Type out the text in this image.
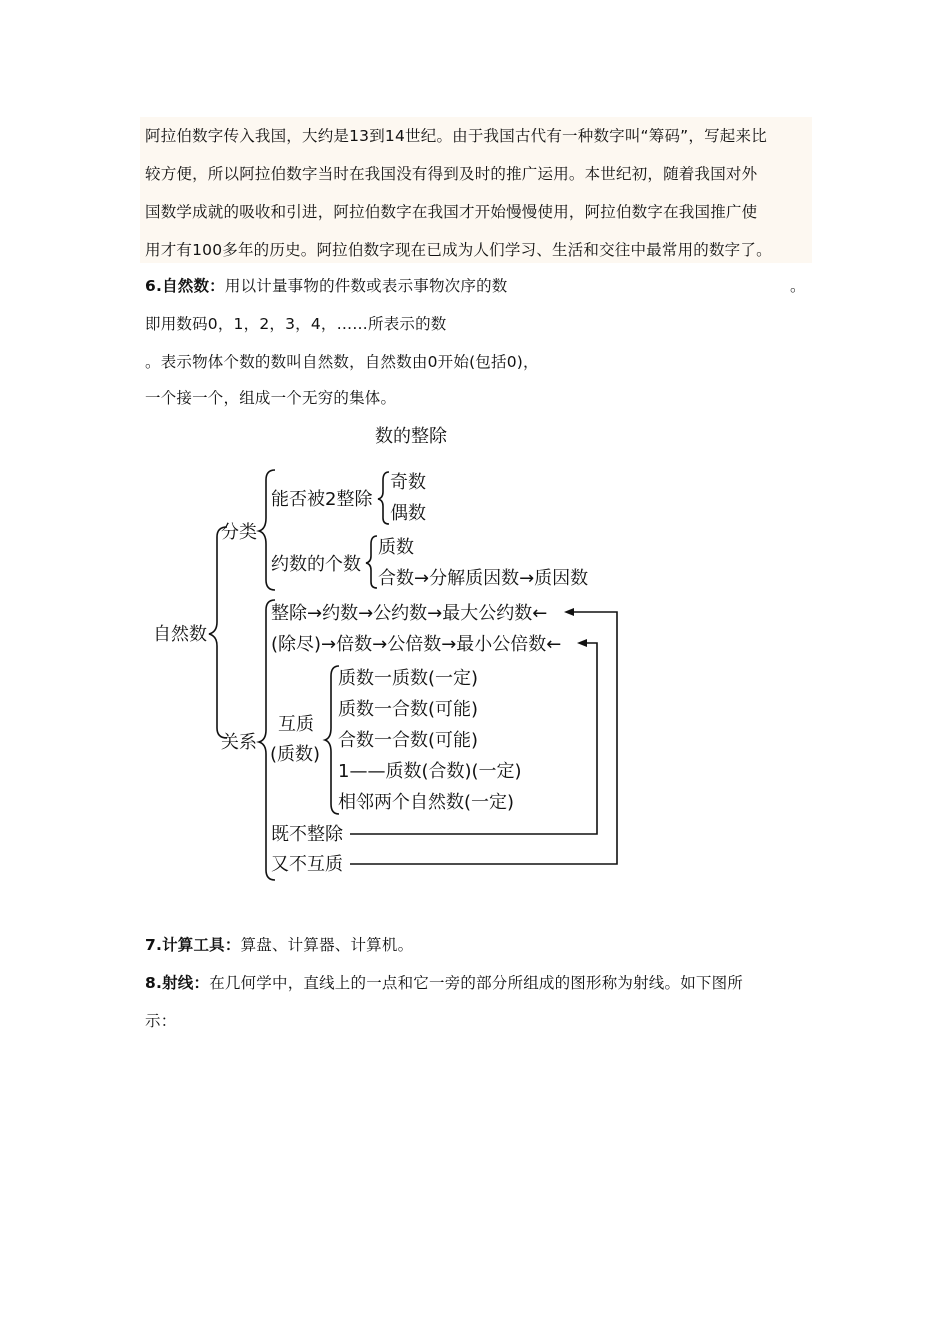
阿拉伯数字传入我国，大约是13到14世纪。由于我国古代有一种数字叫“筹码”，写起来比
较方便，所以阿拉伯数字当时在我国没有得到及时的推广运用。本世纪初，随着我国对外
国数学成就的吸收和引进，阿拉伯数字在我国才开始慢慢使用，阿拉伯数字在我国推广使
用才有100多年的历史。阿拉伯数字现在已成为人们学习、生活和交往中最常用的数字了。
6.自然数：用以计量事物的件数或表示事物次序的数	。
即用数码0，1，2，3，4，……所表示的数
。表示物体个数的数叫自然数，自然数由0开始(包括0)，
一个接一个，组成一个无穷的集体。
数的整除
自然数
分类
关系
能否被2整除
奇数
偶数
约数的个数
质数
合数→分解质因数→质因数
整除→约数→公约数→最大公约数←
(除尽)→倍数→公倍数→最小公倍数←
互质
(质数)
质数一质数(一定)
质数一合数(可能)
合数一合数(可能)
1——质数(合数)(一定)
相邻两个自然数(一定)
既不整除
又不互质
7.计算工具：算盘、计算器、计算机。
8.射线：在几何学中，直线上的一点和它一旁的部分所组成的图形称为射线。如下图所
示：
